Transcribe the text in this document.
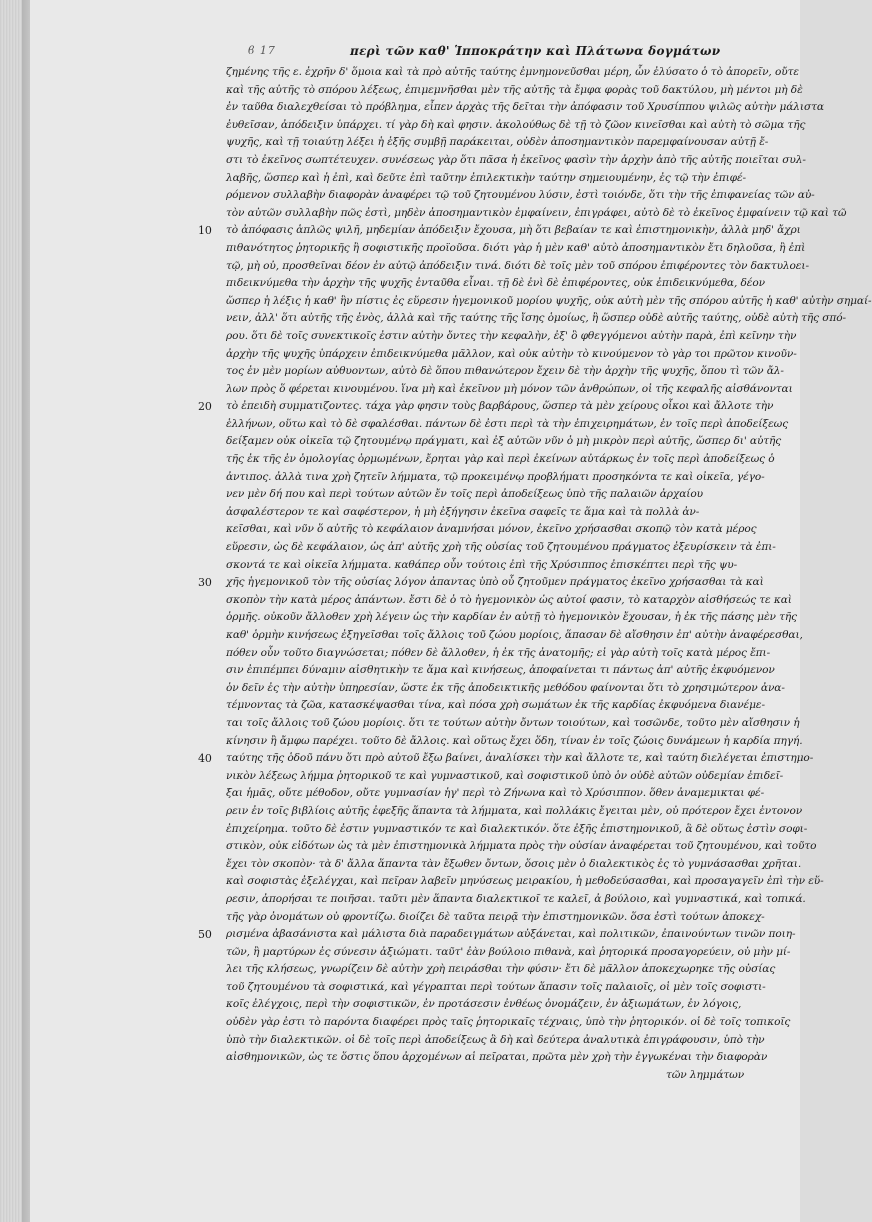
ϐ 17	περὶ τῶν καθ' Ἱπποκράτην καὶ Πλάτωνα δογμάτων
ζημένης τῆς ε. ἐχρῆν δ' ὅμοια καὶ τὰ πρὸ αὐτῆς ταύτης ἐμνημονεῦσθαι μέρη, ὧν ἐλύσατο ὁ τὸ ἀπορεῖν, οὔτε
καὶ τῆς αὐτῆς τὸ σπόρου λέξεως, ἐπιμεμνῆσθαι μὲν τῆς αὐτῆς τὰ ἔμφα φορὰς τοῦ δακτύλου, μὴ μέντοι μὴ δὲ
ἐν ταῦθα διαλεχθείσαι τὸ πρόβλημα, εἶπεν ἀρχὰς τῆς δεῖται τὴν ἀπόφασιν τοῦ Χρυσίππου ψιλῶς αὐτὴν μάλιστα
ἐυθεῖσαν, ἀπόδειξιν ὑπάρχει. τί γὰρ δὴ καὶ φησιν. ἀκολούθως δὲ τῇ τὸ ζῶον κινεῖσθαι καὶ αὐτὴ τὸ σῶμα τῆς
ψυχῆς, καὶ τῇ τοιαύτῃ λέξει ἡ ἑξῆς συμβῇ παράκειται, οὐδὲν ἀποσημαντικὸν παρεμφαίνουσαν αὐτῇ ἔ-
στι τὸ ἐκεῖνος σωπτέτευχεν. συνέσεως γὰρ ὅτι πᾶσα ἡ ἐκεῖνος φασὶν τὴν ἀρχὴν ἀπὸ τῆς αὐτῆς ποιεῖται συλ-
λαβῆς, ὥσπερ καὶ ἡ ἐπὶ, καὶ δεῦτε ἐπὶ ταῦτην ἐπιλεκτικὴν ταύτην σημειουμένην, ἐς τῷ τὴν ἐπιφέ-
ρόμενον συλλαβὴν διαφορὰν ἀναφέρει τῷ τοῦ ζητουμένου λύσιν, ἐστὶ τοιόνδε, ὅτι τὴν τῆς ἐπιφανείας τῶν αὐ-
τὸν αὐτῶν συλλαβὴν πῶς ἐστὶ, μηδὲν ἀποσημαντικὸν ἐμφαίνειν, ἐπιγράφει, αὐτὸ δὲ τὸ ἐκεῖνος ἐμφαίνειν τῷ καὶ τῶ
10 τὸ ἀπόφασις ἁπλῶς ψιλῆ, μηδεμίαν ἀπόδειξιν ἔχουσα, μὴ ὅτι βεβαίαν τε καὶ ἐπιστημονικὴν, ἀλλὰ μηδ' ἄχρι
πιθανότητος ῥητορικῆς ἢ σοφιστικῆς προϊοῦσα. διότι γὰρ ἡ μὲν καθ' αὐτὸ ἀποσημαντικὸν ἔτι δηλοῦσα, ἢ ἐπὶ
τῷ, μὴ οὐ, προσθεῖναι δέον ἐν αὐτῷ ἀπόδειξιν τινά. διότι δὲ τοῖς μὲν τοῦ σπόρου ἐπιφέροντες τὸν δακτυλοει-
πιδεικνύμεθα τὴν ἀρχὴν τῆς ψυχῆς ἐνταῦθα εἶναι. τῇ δὲ ἐνὶ δὲ ἐπιφέροντες, οὐκ ἐπιδεικνύμεθα, δέον
ὥσπερ ἡ λέξις ἡ καθ' ἣν πίστις ἐς εὕρεσιν ἡγεμονικοῦ μορίου ψυχῆς, οὐκ αὐτὴ μὲν τῆς σπόρου αὐτῆς ἡ καθ' αὐτὴν σημαί-
νειν, ἀλλ' ὅτι αὐτῆς τῆς ἐνὸς, ἀλλὰ καὶ τῆς ταύτης τῆς ἴσης ὁμοίως, ἢ ὥσπερ οὐδὲ αὐτῆς ταύτης, οὐδὲ αὐτὴ τῆς σπό-
ρου. ὅτι δὲ τοῖς συνεκτικοῖς ἐστιν αὐτὴν ὄντες τὴν κεφαλὴν, ἐξ' ὃ φθεγγόμενοι αὐτὴν παρὰ, ἐπὶ κεῖνην τὴν
ἀρχὴν τῆς ψυχῆς ὑπάρχειν ἐπιδεικνύμεθα μᾶλλον, καὶ οὐκ αὐτὴν τὸ κινούμενον τὸ γὰρ τοι πρῶτον κινοῦν-
τος ἐν μὲν μορίων αὐθυοντων, αὐτὸ δὲ ὅπου πιθανώτερον ἔχειν δὲ τὴν ἀρχὴν τῆς ψυχῆς, ὅπου τὶ τῶν ἄλ-
λων πρὸς ὅ φέρεται κινουμένου. ἵνα μὴ καὶ ἐκεῖνον μὴ μόνον τῶν ἀνθρώπων, οἱ τῆς κεφαλῆς αἰσθάνονται
20 τὸ ἐπειδὴ συμματιζοντες. τάχα γὰρ φησιν τοὺς βαρβάρους, ὥσπερ τὰ μὲν χείρους οἶκοι καὶ ἄλλοτε τὴν
ἑλλήνων, οὕτω καὶ τὸ δὲ σφαλέσθαι. πάντων δὲ ἐστι περὶ τὰ τὴν ἐπιχειρημάτων, ἐν τοῖς περὶ ἀποδείξεως
δείξαμεν οὐκ οἰκεῖα τῷ ζητουμένῳ πράγματι, καὶ ἐξ αὐτῶν νῦν ὁ μὴ μικρὸν περὶ αὐτῆς, ὥσπερ δι' αὐτῆς
τῆς ἐκ τῆς ἐν ὁμολογίας ὁρμωμένων, ἔρηται γὰρ καὶ περὶ ἐκείνων αὐτάρκως ἐν τοῖς περὶ ἀποδείξεως ὁ
ἀντιπος. ἀλλὰ τινα χρὴ ζητεῖν λήμματα, τῷ προκειμένῳ προβλήματι προσηκόντα τε καὶ οἰκεῖα, γέγο-
νεν μὲν δή που καὶ περὶ τούτων αὐτῶν ἔν τοῖς περὶ ἀποδείξεως ὑπὸ τῆς παλαιῶν ἀρχαίου
ἀσφαλέστερον τε καὶ σαφέστερον, ἡ μὴ ἐξήγησιν ἐκεῖνα σαφεῖς τε ἅμα καὶ τὰ πολλὰ ἀν-
κεῖσθαι, καὶ νῦν ὅ αὐτῆς τὸ κεφάλαιον ἀναμνήσαι μόνον, ἐκεῖνο χρήσασθαι σκοπῷ τὸν κατὰ μέρος
εὕρεσιν, ὡς δὲ κεφάλαιον, ὡς ἀπ' αὐτῆς χρὴ τῆς οὐσίας τοῦ ζητουμένου πράγματος ἐξευρίσκειν τὰ ἐπι-
σκοντά τε καὶ οἰκεῖα λήμματα. καθάπερ οὖν τούτοις ἐπὶ τῆς Χρύσιππος ἐπισκέπτει περὶ τῆς ψυ-
30 χῆς ἡγεμονικοῦ τὸν τῆς οὐσίας λόγον ἀπαντας ὑπὸ οὖ ζητοῦμεν πράγματος ἐκεῖνο χρήσασθαι τὰ καὶ
σκοπὸν τὴν κατὰ μέρος ἀπάντων. ἔστι δὲ ὁ τὸ ἡγεμονικὸν ὡς αὐτοί φασιν, τὸ καταρχὸν αἰσθήσεώς τε καὶ
ὁρμῆς. οὐκοῦν ἄλλοθεν χρὴ λέγειν ὡς τὴν καρδίαν ἐν αὐτῇ τὸ ἡγεμονικὸν ἔχουσαν, ἡ ἐκ τῆς πάσης μὲν τῆς
καθ' ὁρμὴν κινήσεως ἐξηγεῖσθαι τοῖς ἄλλοις τοῦ ζώου μορίοις, ἅπασαν δὲ αἴσθησιν ἐπ' αὐτὴν ἀναφέρεσθαι,
πόθεν οὖν τοῦτο διαγνώσεται; πόθεν δὲ ἄλλοθεν, ἡ ἐκ τῆς ἀνατομῆς; εἰ γὰρ αὐτὴ τοῖς κατὰ μέρος ἔπι-
σιν ἐπιπέμπει δύναμιν αἰσθητικὴν τε ἅμα καὶ κινήσεως, ἀποφαίνεται τι πάντως ἀπ' αὐτῆς ἐκφυόμενον
ὁν δεῖν ἐς τὴν αὐτὴν ὑπηρεσίαν, ὥστε ἐκ τῆς ἀποδεικτικῆς μεθόδου φαίνονται ὅτι τὸ χρησιμώτερον ἀνα-
τέμνοντας τὰ ζῶα, κατασκέψασθαι τίνα, καὶ πόσα χρὴ σωμάτων ἐκ τῆς καρδίας ἐκφυόμενα διανέμε-
ται τοῖς ἄλλοις τοῦ ζώου μορίοις. ὅτι τε τούτων αὐτὴν ὄντων τοιούτων, καὶ τοσῶνδε, τοῦτο μὲν αἴσθησιν ἡ
κίνησιν ἢ ἄμφω παρέχει. τοῦτο δὲ ἄλλοις. καὶ οὕτως ἔχει ὅδη, τίναν ἐν τοῖς ζώοις δυνάμεων ἡ καρδία πηγή.
40 ταύτης τῆς ὁδοῦ πάνυ ὅτι πρὸ αὐτοῦ ἔξω βαίνει, ἀναλίσκει τὴν καὶ ἄλλοτε τε, καὶ ταύτη διελέγεται ἐπιστημο-
νικὸν λέξεως λήμμα ῥητορικοῦ τε καὶ γυμναστικοῦ, καὶ σοφιστικοῦ ὑπὸ ὁν οὐδὲ αὐτῶν οὐδεμίαν ἐπιδεῖ-
ξαι ἡμᾶς, οὔτε μέθοδον, οὔτε γυμνασίαν ἡγ' περὶ τὸ Ζήνωνα καὶ τὸ Χρύσιππον. ὅθεν ἀναμεμικται φέ-
ρειν ἐν τοῖς βιβλίοις αὐτῆς ἐφεξῆς ἅπαντα τὰ λήμματα, καὶ πολλάκις ἔγειται μὲν, οὐ πρότερον ἔχει ἐντονον
ἐπιχείρημα. τοῦτο δὲ ἐστιν γυμναστικόν τε καὶ διαλεκτικόν. ὅτε ἐξῆς ἐπιστημονικοῦ, ἃ δὲ οὕτως ἐστὶν σοφι-
στικὸν, οὐκ εἰδότων ὡς τὰ μὲν ἐπιστημονικὰ λήμματα πρὸς τὴν οὐσίαν ἀναφέρεται τοῦ ζητουμένου, καὶ τοῦτο
ἔχει τὸν σκοπὸν· τὰ δ' ἄλλα ἅπαντα τὰν ἔξωθεν ὄντων, ὅσοις μὲν ὁ διαλεκτικὸς ἐς τὸ γυμνάσασθαι χρῆται.
καὶ σοφιστὰς ἐξελέγχαι, καὶ πεῖραν λαβεῖν μηνύσεως μειρακίου, ἡ μεθοδεύσασθαι, καὶ προσαγαγεῖν ἐπὶ τὴν εὕ-
ρεσιν, ἀπορήσαι τε ποιῆσαι. ταῦτι μὲν ἅπαντα διαλεκτικοῖ τε καλεῖ, ἀ βούλοιο, καὶ γυμναστικά, καὶ τοπικά.
τῆς γὰρ ὀνομάτων οὐ φροντίζω. διοίζει δὲ ταῦτα πειρᾷ τὴν ἐπιστημονικῶν. ὅσα ἐστὶ τούτων ἀποκεχ-
50 ρισμένα ἀβασάνιστα καὶ μάλιστα διὰ παραδειγμάτων αὐξάνεται, καὶ πολιτικῶν, ἐπαινούντων τινῶν ποιη-
τῶν, ἢ μαρτύρων ἐς σύνεσιν ἀξιώματι. ταῦτ' ἐὰν βούλοιο πιθανὰ, καὶ ῥητορικά προσαγορεύειν, οὐ μὴν μί-
λει τῆς κλήσεως, γνωρίζειν δὲ αὐτὴν χρὴ πειράσθαι τὴν φύσιν· ἔτι δὲ μᾶλλον ἀποκεχωρηκε τῆς οὐσίας
τοῦ ζητουμένου τὰ σοφιστικά, καὶ γέγραπται περὶ τούτων ἅπασιν τοῖς παλαιοῖς, οἱ μὲν τοῖς σοφιστι-
κοῖς ἐλέγχοις, περὶ τὴν σοφιστικῶν, ἐν προτάσεσιν ἐνθέως ὀνομάζειν, ἐν ἀξιωμάτων, ἐν λόγοις,
οὐδὲν γὰρ ἐστι τὸ παρόντα διαφέρει πρὸς ταῖς ῥητορικαῖς τέχναις, ὑπὸ τὴν ῥητορικόν. οἱ δὲ τοῖς τοπικοῖς
ὑπὸ τὴν διαλεκτικῶν. οἱ δὲ τοῖς περὶ ἀποδείξεως ἃ δὴ καὶ δεύτερα ἀναλυτικὰ ἐπιγράφουσιν, ὑπὸ τὴν
αἰσθημονικῶν, ὡς τε ὅστις ὅπου ἀρχομένων αἱ πεῖραται, πρῶτα μὲν χρὴ τὴν ἐγγωκέναι τὴν διαφορὰν
τῶν λημμάτων
